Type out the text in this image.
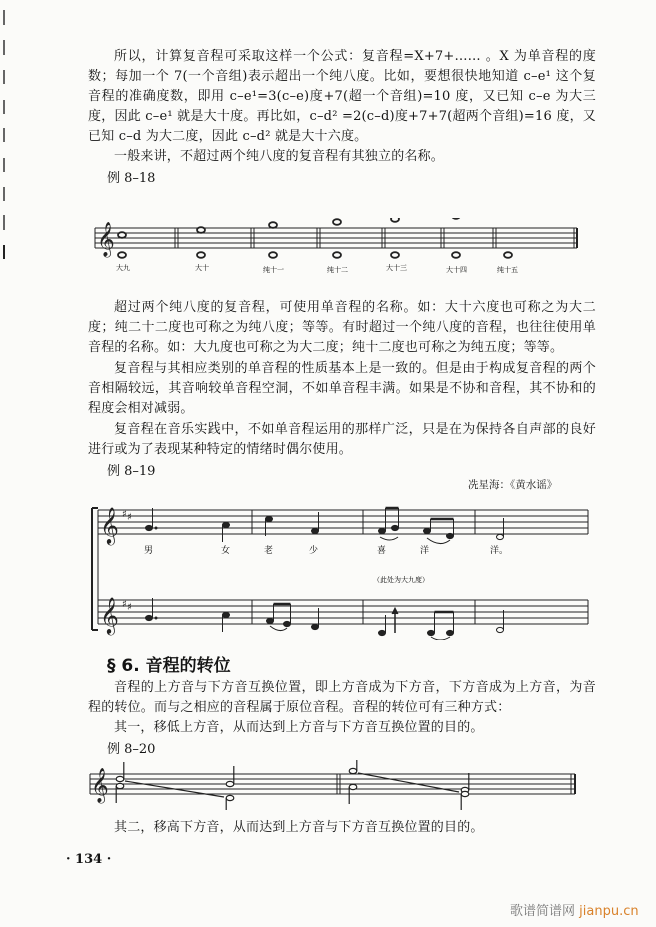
所以，计算复音程可采取这样一个公式：复音程=X+7+…… 。X 为单音程的度数；每加一个 7(一个音组)表示超出一个纯八度。比如，要想很快地知道 c–e¹ 这个复音程的准确度数，即用 c–e¹=3(c–e)度+7(超一个音组)=10 度，又已知 c–e 为大三度，因此 c–e¹ 就是大十度。再比如，c–d² =2(c–d)度+7+7(超两个音组)=16 度，又已知 c–d 为大二度，因此 c–d² 就是大十六度。
一般来讲，不超过两个纯八度的复音程有其独立的名称。
例 8–18
𝄞
大九	大十	纯十一	纯十二	大十三	大十四	纯十五
超过两个纯八度的复音程，可使用单音程的名称。如：大十六度也可称之为大二度；纯二十二度也可称之为纯八度；等等。有时超过一个纯八度的音程，也往往使用单音程的名称。如：大九度也可称之为大二度；纯十二度也可称之为纯五度；等等。
复音程与其相应类别的单音程的性质基本上是一致的。但是由于构成复音程的两个音相隔较远，其音响较单音程空洞，不如单音程丰满。如果是不协和音程，其不协和的程度会相对减弱。
复音程在音乐实践中，不如单音程运用的那样广泛，只是在为保持各自声部的良好进行或为了表现某种特定的情绪时偶尔使用。
例 8–19
冼星海：《黄水谣》
𝄞
𝄞
♯ ♯
♯ ♯
男	女	老	少	喜	洋	洋。
（此处为大九度）
§ 6. 音程的转位
音程的上方音与下方音互换位置，即上方音成为下方音，下方音成为上方音，为音程的转位。而与之相应的音程属于原位音程。音程的转位可有三种方式：
其一，移低上方音，从而达到上方音与下方音互换位置的目的。
例 8–20
𝄞
其二，移高下方音，从而达到上方音与下方音互换位置的目的。
· 134 ·
歌谱简谱网 jianpu.cn
